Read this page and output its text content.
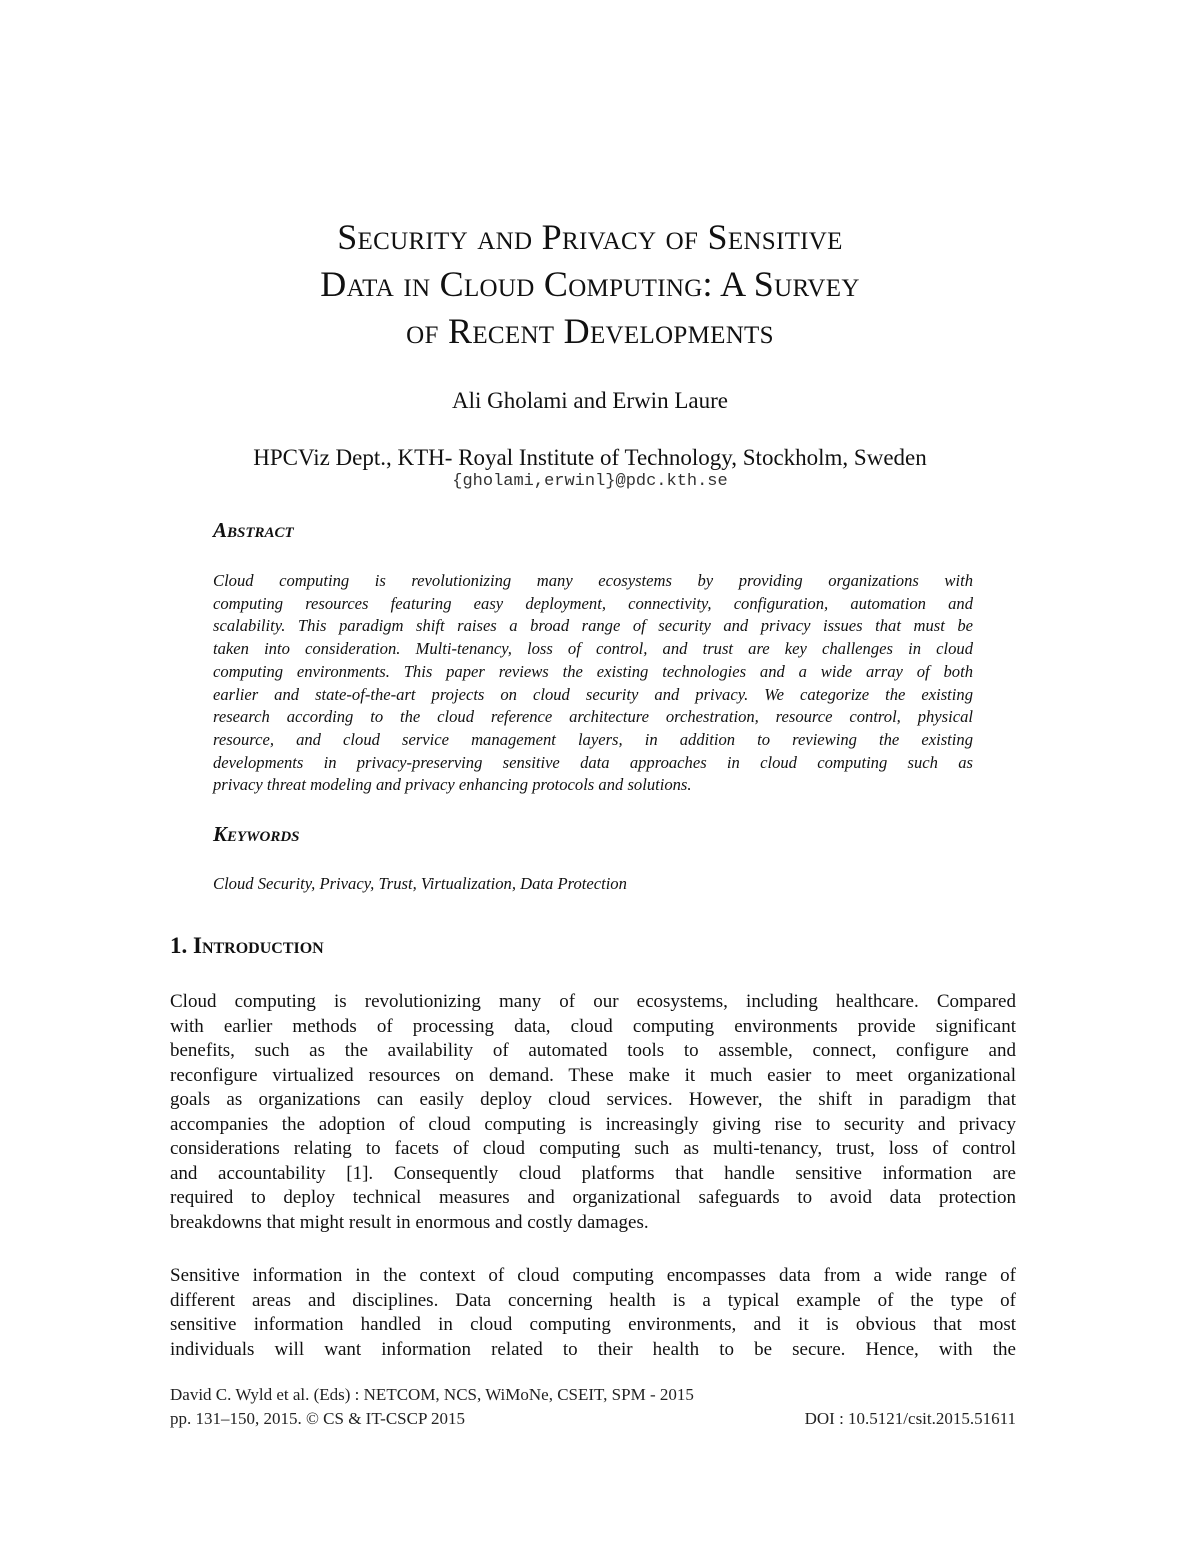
Security and Privacy of Sensitive
Data in Cloud Computing: A Survey
of Recent Developments
Ali Gholami and Erwin Laure
HPCViz Dept., KTH- Royal Institute of Technology, Stockholm, Sweden
{gholami,erwinl}@pdc.kth.se
Abstract
Cloud computing is revolutionizing many ecosystems by providing organizations with
computing resources featuring easy deployment, connectivity, configuration, automation and
scalability. This paradigm shift raises a broad range of security and privacy issues that must be
taken into consideration. Multi-tenancy, loss of control, and trust are key challenges in cloud
computing environments. This paper reviews the existing technologies and a wide array of both
earlier and state-of-the-art projects on cloud security and privacy. We categorize the existing
research according to the cloud reference architecture orchestration, resource control, physical
resource, and cloud service management layers, in addition to reviewing the existing
developments in privacy-preserving sensitive data approaches in cloud computing such as
privacy threat modeling and privacy enhancing protocols and solutions.
Keywords
Cloud Security, Privacy, Trust, Virtualization, Data Protection
1. Introduction
Cloud computing is revolutionizing many of our ecosystems, including healthcare. Compared
with earlier methods of processing data, cloud computing environments provide significant
benefits, such as the availability of automated tools to assemble, connect, configure and
reconfigure virtualized resources on demand. These make it much easier to meet organizational
goals as organizations can easily deploy cloud services. However, the shift in paradigm that
accompanies the adoption of cloud computing is increasingly giving rise to security and privacy
considerations relating to facets of cloud computing such as multi-tenancy, trust, loss of control
and accountability [1]. Consequently cloud platforms that handle sensitive information are
required to deploy technical measures and organizational safeguards to avoid data protection
breakdowns that might result in enormous and costly damages.
Sensitive information in the context of cloud computing encompasses data from a wide range of
different areas and disciplines. Data concerning health is a typical example of the type of
sensitive information handled in cloud computing environments, and it is obvious that most
individuals will want information related to their health to be secure. Hence, with the
David C. Wyld et al. (Eds) : NETCOM, NCS, WiMoNe, CSEIT, SPM - 2015
pp. 131–150, 2015. © CS & IT-CSCP 2015	DOI : 10.5121/csit.2015.51611
